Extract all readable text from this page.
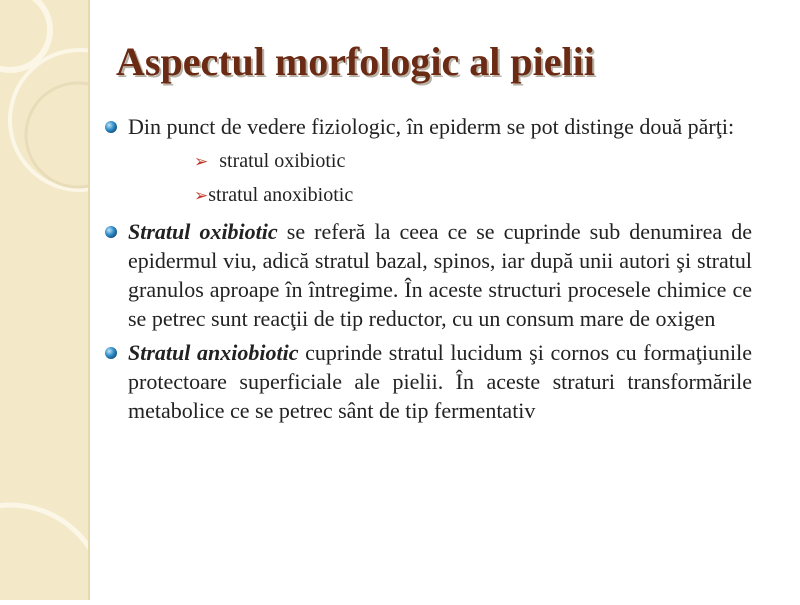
Aspectul morfologic al pielii
Din punct de vedere fiziologic, în epiderm se pot distinge două părţi:
➢ stratul oxibiotic
➢stratul anoxibiotic
Stratul oxibiotic se referă la ceea ce se cuprinde sub denumirea de epidermul viu, adică stratul bazal, spinos, iar după unii autori şi stratul granulos aproape în întregime. În aceste structuri procesele chimice ce se petrec sunt reacţii de tip reductor, cu un consum mare de oxigen
Stratul anxiobiotic cuprinde stratul lucidum şi cornos cu formaţiunile protectoare superficiale ale pielii. În aceste straturi transformările metabolice ce se petrec sânt de tip fermentativ
